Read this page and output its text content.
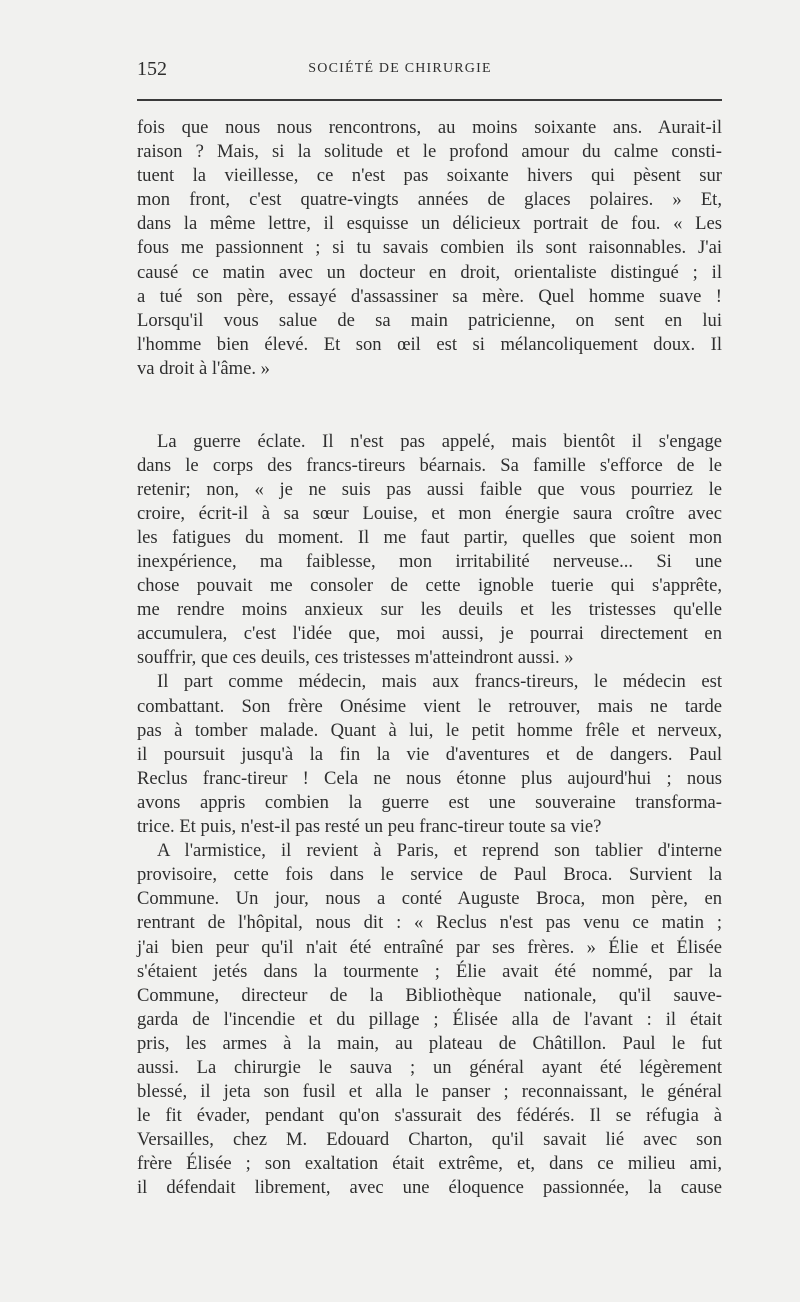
152	SOCIÉTÉ DE CHIRURGIE
fois que nous nous rencontrons, au moins soixante ans. Aurait-il
raison ? Mais, si la solitude et le profond amour du calme consti-
tuent la vieillesse, ce n'est pas soixante hivers qui pèsent sur
mon front, c'est quatre-vingts années de glaces polaires. » Et,
dans la même lettre, il esquisse un délicieux portrait de fou. « Les
fous me passionnent ; si tu savais combien ils sont raisonnables. J'ai
causé ce matin avec un docteur en droit, orientaliste distingué ; il
a tué son père, essayé d'assassiner sa mère. Quel homme suave !
Lorsqu'il vous salue de sa main patricienne, on sent en lui
l'homme bien élevé. Et son œil est si mélancoliquement doux. Il
va droit à l'âme. »
La guerre éclate. Il n'est pas appelé, mais bientôt il s'engage
dans le corps des francs-tireurs béarnais. Sa famille s'efforce de le
retenir; non, « je ne suis pas aussi faible que vous pourriez le
croire, écrit-il à sa sœur Louise, et mon énergie saura croître avec
les fatigues du moment. Il me faut partir, quelles que soient mon
inexpérience, ma faiblesse, mon irritabilité nerveuse... Si une
chose pouvait me consoler de cette ignoble tuerie qui s'apprête,
me rendre moins anxieux sur les deuils et les tristesses qu'elle
accumulera, c'est l'idée que, moi aussi, je pourrai directement en
souffrir, que ces deuils, ces tristesses m'atteindront aussi. »
Il part comme médecin, mais aux francs-tireurs, le médecin est
combattant. Son frère Onésime vient le retrouver, mais ne tarde
pas à tomber malade. Quant à lui, le petit homme frêle et nerveux,
il poursuit jusqu'à la fin la vie d'aventures et de dangers. Paul
Reclus franc-tireur ! Cela ne nous étonne plus aujourd'hui ; nous
avons appris combien la guerre est une souveraine transforma-
trice. Et puis, n'est-il pas resté un peu franc-tireur toute sa vie?
A l'armistice, il revient à Paris, et reprend son tablier d'interne
provisoire, cette fois dans le service de Paul Broca. Survient la
Commune. Un jour, nous a conté Auguste Broca, mon père, en
rentrant de l'hôpital, nous dit : « Reclus n'est pas venu ce matin ;
j'ai bien peur qu'il n'ait été entraîné par ses frères. » Élie et Élisée
s'étaient jetés dans la tourmente ; Élie avait été nommé, par la
Commune, directeur de la Bibliothèque nationale, qu'il sauve-
garda de l'incendie et du pillage ; Élisée alla de l'avant : il était
pris, les armes à la main, au plateau de Châtillon. Paul le fut
aussi. La chirurgie le sauva ; un général ayant été légèrement
blessé, il jeta son fusil et alla le panser ; reconnaissant, le général
le fit évader, pendant qu'on s'assurait des fédérés. Il se réfugia à
Versailles, chez M. Edouard Charton, qu'il savait lié avec son
frère Élisée ; son exaltation était extrême, et, dans ce milieu ami,
il défendait librement, avec une éloquence passionnée, la cause
